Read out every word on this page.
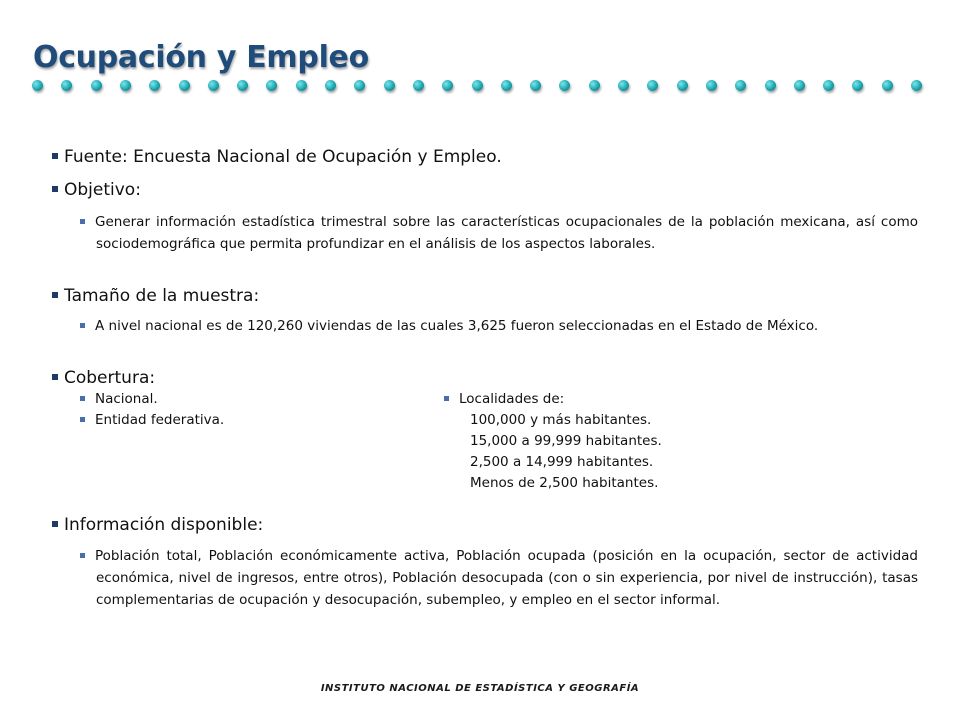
Ocupación y Empleo

Fuente: Encuesta Nacional de Ocupación y Empleo.

Objetivo:

Generar información estadística trimestral sobre las características ocupacionales de la población mexicana, así como sociodemográfica que permita profundizar en el análisis de los aspectos laborales.

Tamaño de la muestra:

A nivel nacional es de 120,260 viviendas de las cuales 3,625 fueron seleccionadas en el Estado de México.

Cobertura:

Nacional.
Entidad federativa.
Localidades de:
100,000 y más habitantes.
15,000 a 99,999 habitantes.
2,500 a 14,999 habitantes.
Menos de 2,500 habitantes.

Información disponible:

Población total, Población económicamente activa, Población ocupada (posición en la ocupación, sector de actividad económica, nivel de ingresos, entre otros), Población desocupada (con o sin experiencia, por nivel de instrucción), tasas complementarias de ocupación y desocupación, subempleo, y empleo en el sector informal.

INSTITUTO NACIONAL DE ESTADÍSTICA Y GEOGRAFÍA
